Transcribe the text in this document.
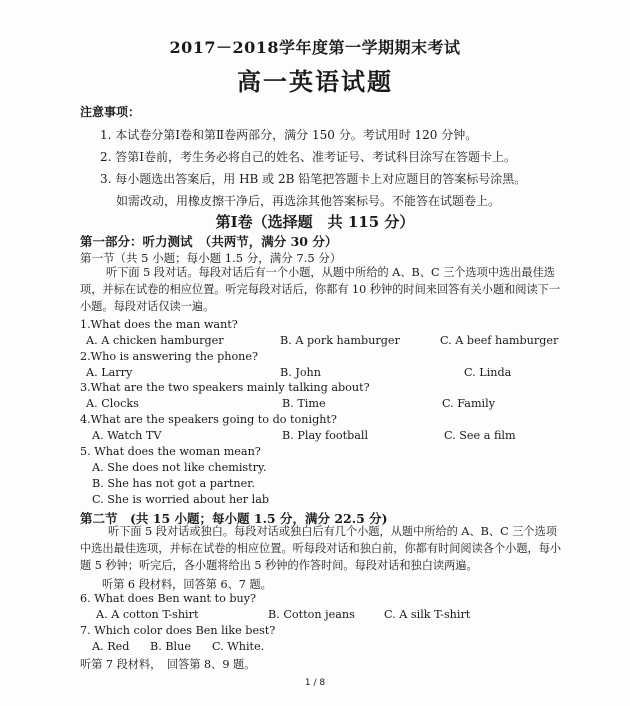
2017－2018学年度第一学期期末考试
高一英语试题
注意事项：
1. 本试卷分第Ⅰ卷和第Ⅱ卷两部分，满分 150 分。考试用时 120 分钟。
2. 答第Ⅰ卷前，考生务必将自己的姓名、准考证号、考试科目涂写在答题卡上。
3. 每小题选出答案后，用 HB 或 2B 铅笔把答题卡上对应题目的答案标号涂黑。
如需改动，用橡皮擦干净后，再选涂其他答案标号。不能答在试题卷上。
第Ⅰ卷（选择题　共 115 分）
第一部分：听力测试　（共两节，满分 30 分）
第一节（共 5 小题；每小题 1.5 分，满分 7.5 分）
听下面 5 段对话。每段对话后有一个小题，从题中所给的 A、B、C 三个选项中选出最佳选
项，并标在试卷的相应位置。听完每段对话后，你都有 10 秒钟的时间来回答有关小题和阅读下一
小题。每段对话仅读一遍。
1.What does the man want?
A. A chicken hamburger	B. A pork hamburger	C. A beef hamburger
2.Who is answering the phone?
A. Larry	B. John	C. Linda
3.What are the two speakers mainly talking about?
A. Clocks	B. Time	C. Family
4.What are the speakers going to do tonight?
A. Watch TV	B. Play football	C. See a film
5. What does the woman mean?
A. She does not like chemistry.
B. She has not got a partner.
C. She is worried about her lab
第二节　(共 15 小题；每小题 1.5 分，满分 22.5 分)
听下面 5 段对话或独白。每段对话或独白后有几个小题，从题中所给的 A、B、C 三个选项
中选出最佳选项，并标在试卷的相应位置。听每段对话和独白前，你都有时间阅读各个小题，每小
题 5 秒钟；听完后，各小题将给出 5 秒钟的作答时间。每段对话和独白读两遍。
听第 6 段材料，回答第 6、7 题。
6. What does Ben want to buy?
A. A cotton T-shirt	B. Cotton jeans	C. A silk T-shirt
7. Which color does Ben like best?
A. Red B. Blue C. White.
听第 7 段材料，　回答第 8、9 题。
1 / 8
